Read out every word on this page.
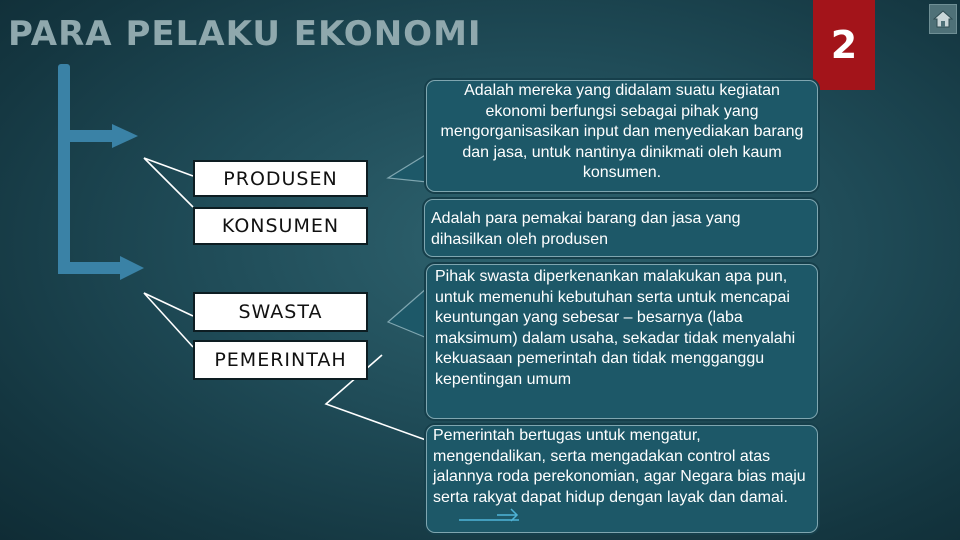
PARA PELAKU EKONOMI	2
PRODUSEN
KONSUMEN
SWASTA
PEMERINTAH
Adalah mereka yang didalam suatu kegiatan ekonomi berfungsi sebagai pihak yang mengorganisasikan input dan menyediakan barang dan jasa, untuk nantinya dinikmati oleh kaum konsumen.
Adalah para pemakai barang dan jasa yang dihasilkan oleh produsen
Pihak swasta diperkenankan malakukan apa pun, untuk memenuhi kebutuhan serta untuk mencapai keuntungan yang sebesar – besarnya (laba maksimum) dalam usaha, sekadar tidak menyalahi kekuasaan pemerintah dan tidak mengganggu kepentingan umum
Pemerintah bertugas untuk mengatur, mengendalikan, serta mengadakan control atas jalannya roda perekonomian, agar Negara bias maju serta rakyat dapat hidup dengan layak dan damai.
